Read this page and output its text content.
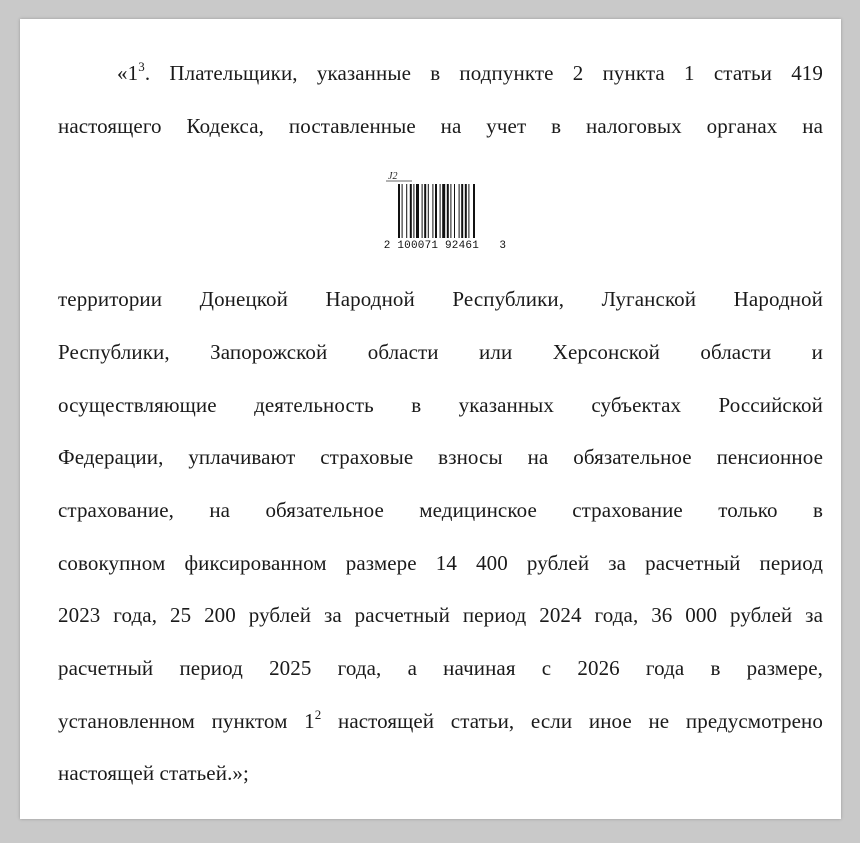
«$1^3$. Плательщики, указанные в подпункте 2 пункта 1 статьи 419
настоящего Кодекса, поставленные на учет в налоговых органах на
J2
2 100071 92461   3
территории Донецкой Народной Республики, Луганской Народной
Республики, Запорожской области или Херсонской области и
осуществляющие деятельность в указанных субъектах Российской
Федерации, уплачивают страховые взносы на обязательное пенсионное
страхование, на обязательное медицинское страхование только в
совокупном фиксированном размере 14 400 рублей за расчетный период
2023 года, 25 200 рублей за расчетный период 2024 года, 36 000 рублей за
расчетный период 2025 года, а начиная с 2026 года в размере,
установленном пунктом $1^2$ настоящей статьи, если иное не предусмотрено
настоящей статьей.»;
